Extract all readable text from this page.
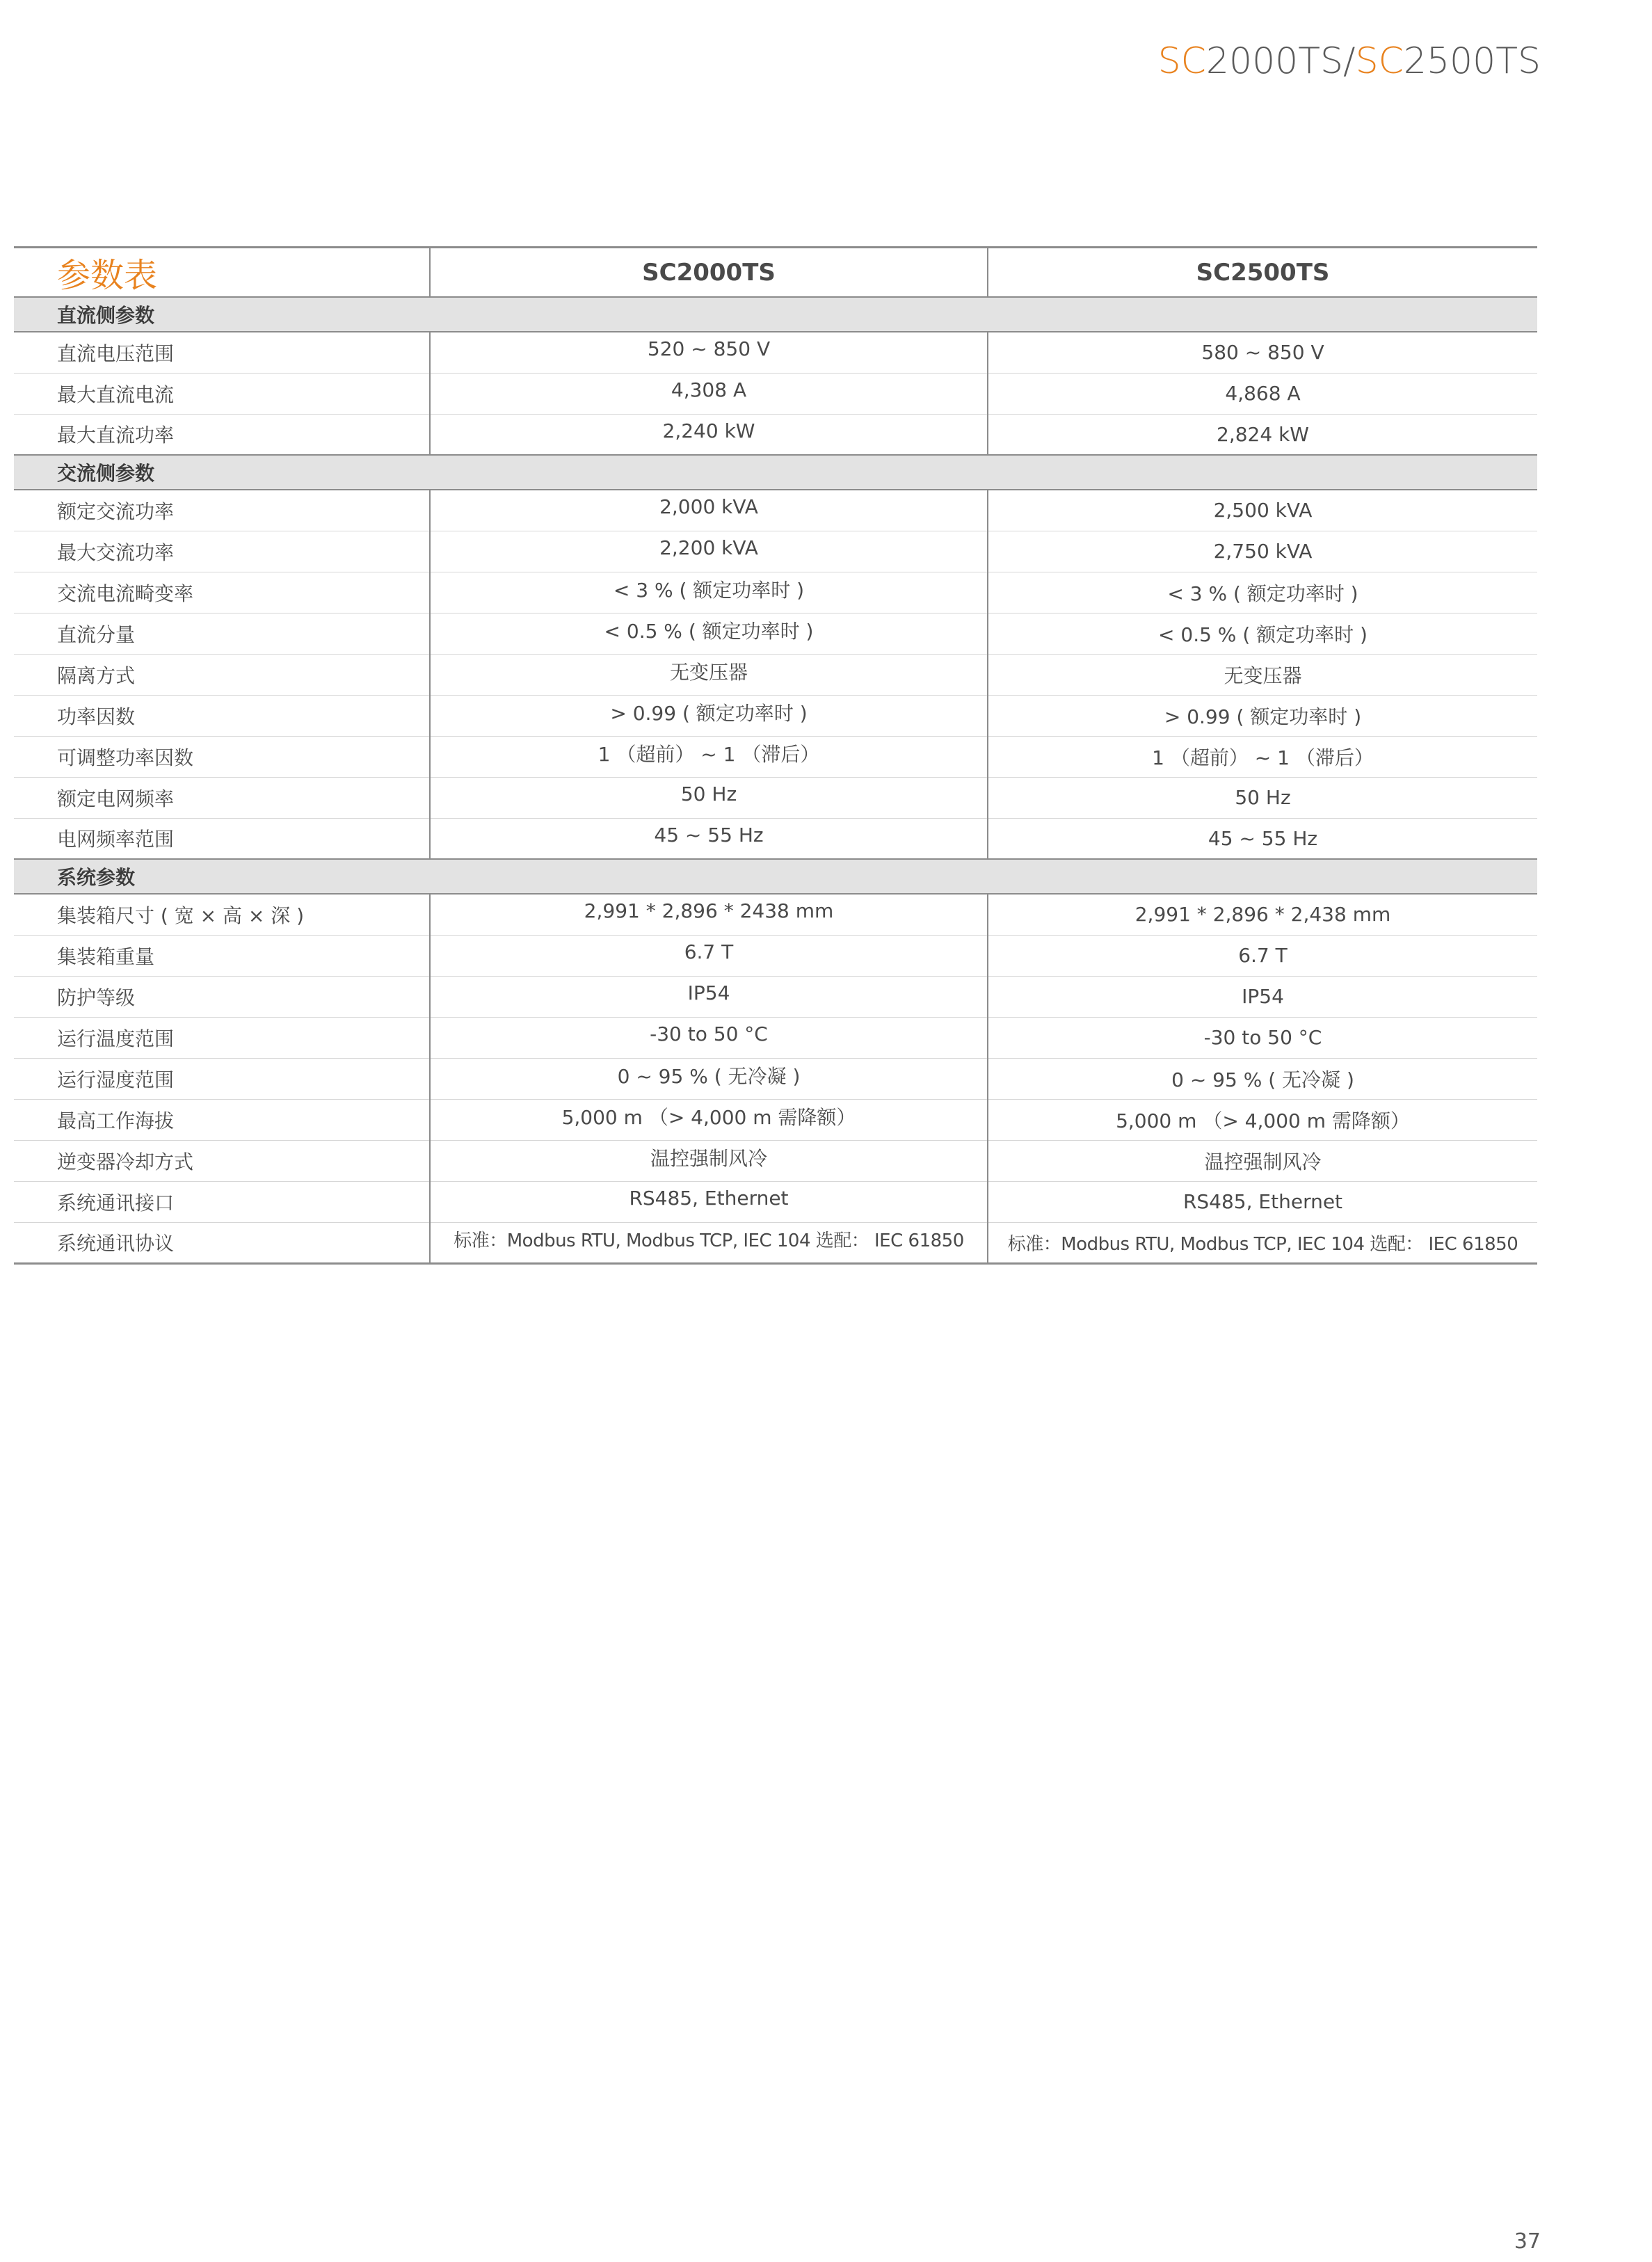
SC2000TS/SC2500TS
参数表	SC2000TS	SC2500TS
直流侧参数		
直流电压范围	520 ~ 850 V	580 ~ 850 V
最大直流电流	4,308 A	4,868 A
最大直流功率	2,240 kW	2,824 kW
交流侧参数		
额定交流功率	2,000 kVA	2,500 kVA
最大交流功率	2,200 kVA	2,750 kVA
交流电流畸变率	< 3 % ( 额定功率时 )	< 3 % ( 额定功率时 )
直流分量	< 0.5 % ( 额定功率时 )	< 0.5 % ( 额定功率时 )
隔离方式	无变压器	无变压器
功率因数	> 0.99 ( 额定功率时 )	> 0.99 ( 额定功率时 )
可调整功率因数	1 （超前） ~ 1 （滞后）	1 （超前） ~ 1 （滞后）
额定电网频率	50 Hz	50 Hz
电网频率范围	45 ~ 55 Hz	45 ~ 55 Hz
系统参数		
集装箱尺寸 ( 宽 × 高 × 深 )	2,991 * 2,896 * 2438 mm	2,991 * 2,896 * 2,438 mm
集装箱重量	6.7 T	6.7 T
防护等级	IP54	IP54
运行温度范围	-30 to 50 °C	-30 to 50 °C
运行湿度范围	0 ~ 95 % ( 无冷凝 )	0 ~ 95 % ( 无冷凝 )
最高工作海拔	5,000 m （> 4,000 m 需降额）	5,000 m （> 4,000 m 需降额）
逆变器冷却方式	温控强制风冷	温控强制风冷
系统通讯接口	RS485, Ethernet	RS485, Ethernet
系统通讯协议	标准：Modbus RTU, Modbus TCP, IEC 104 选配： IEC 61850	标准：Modbus RTU, Modbus TCP, IEC 104 选配： IEC 61850
37
